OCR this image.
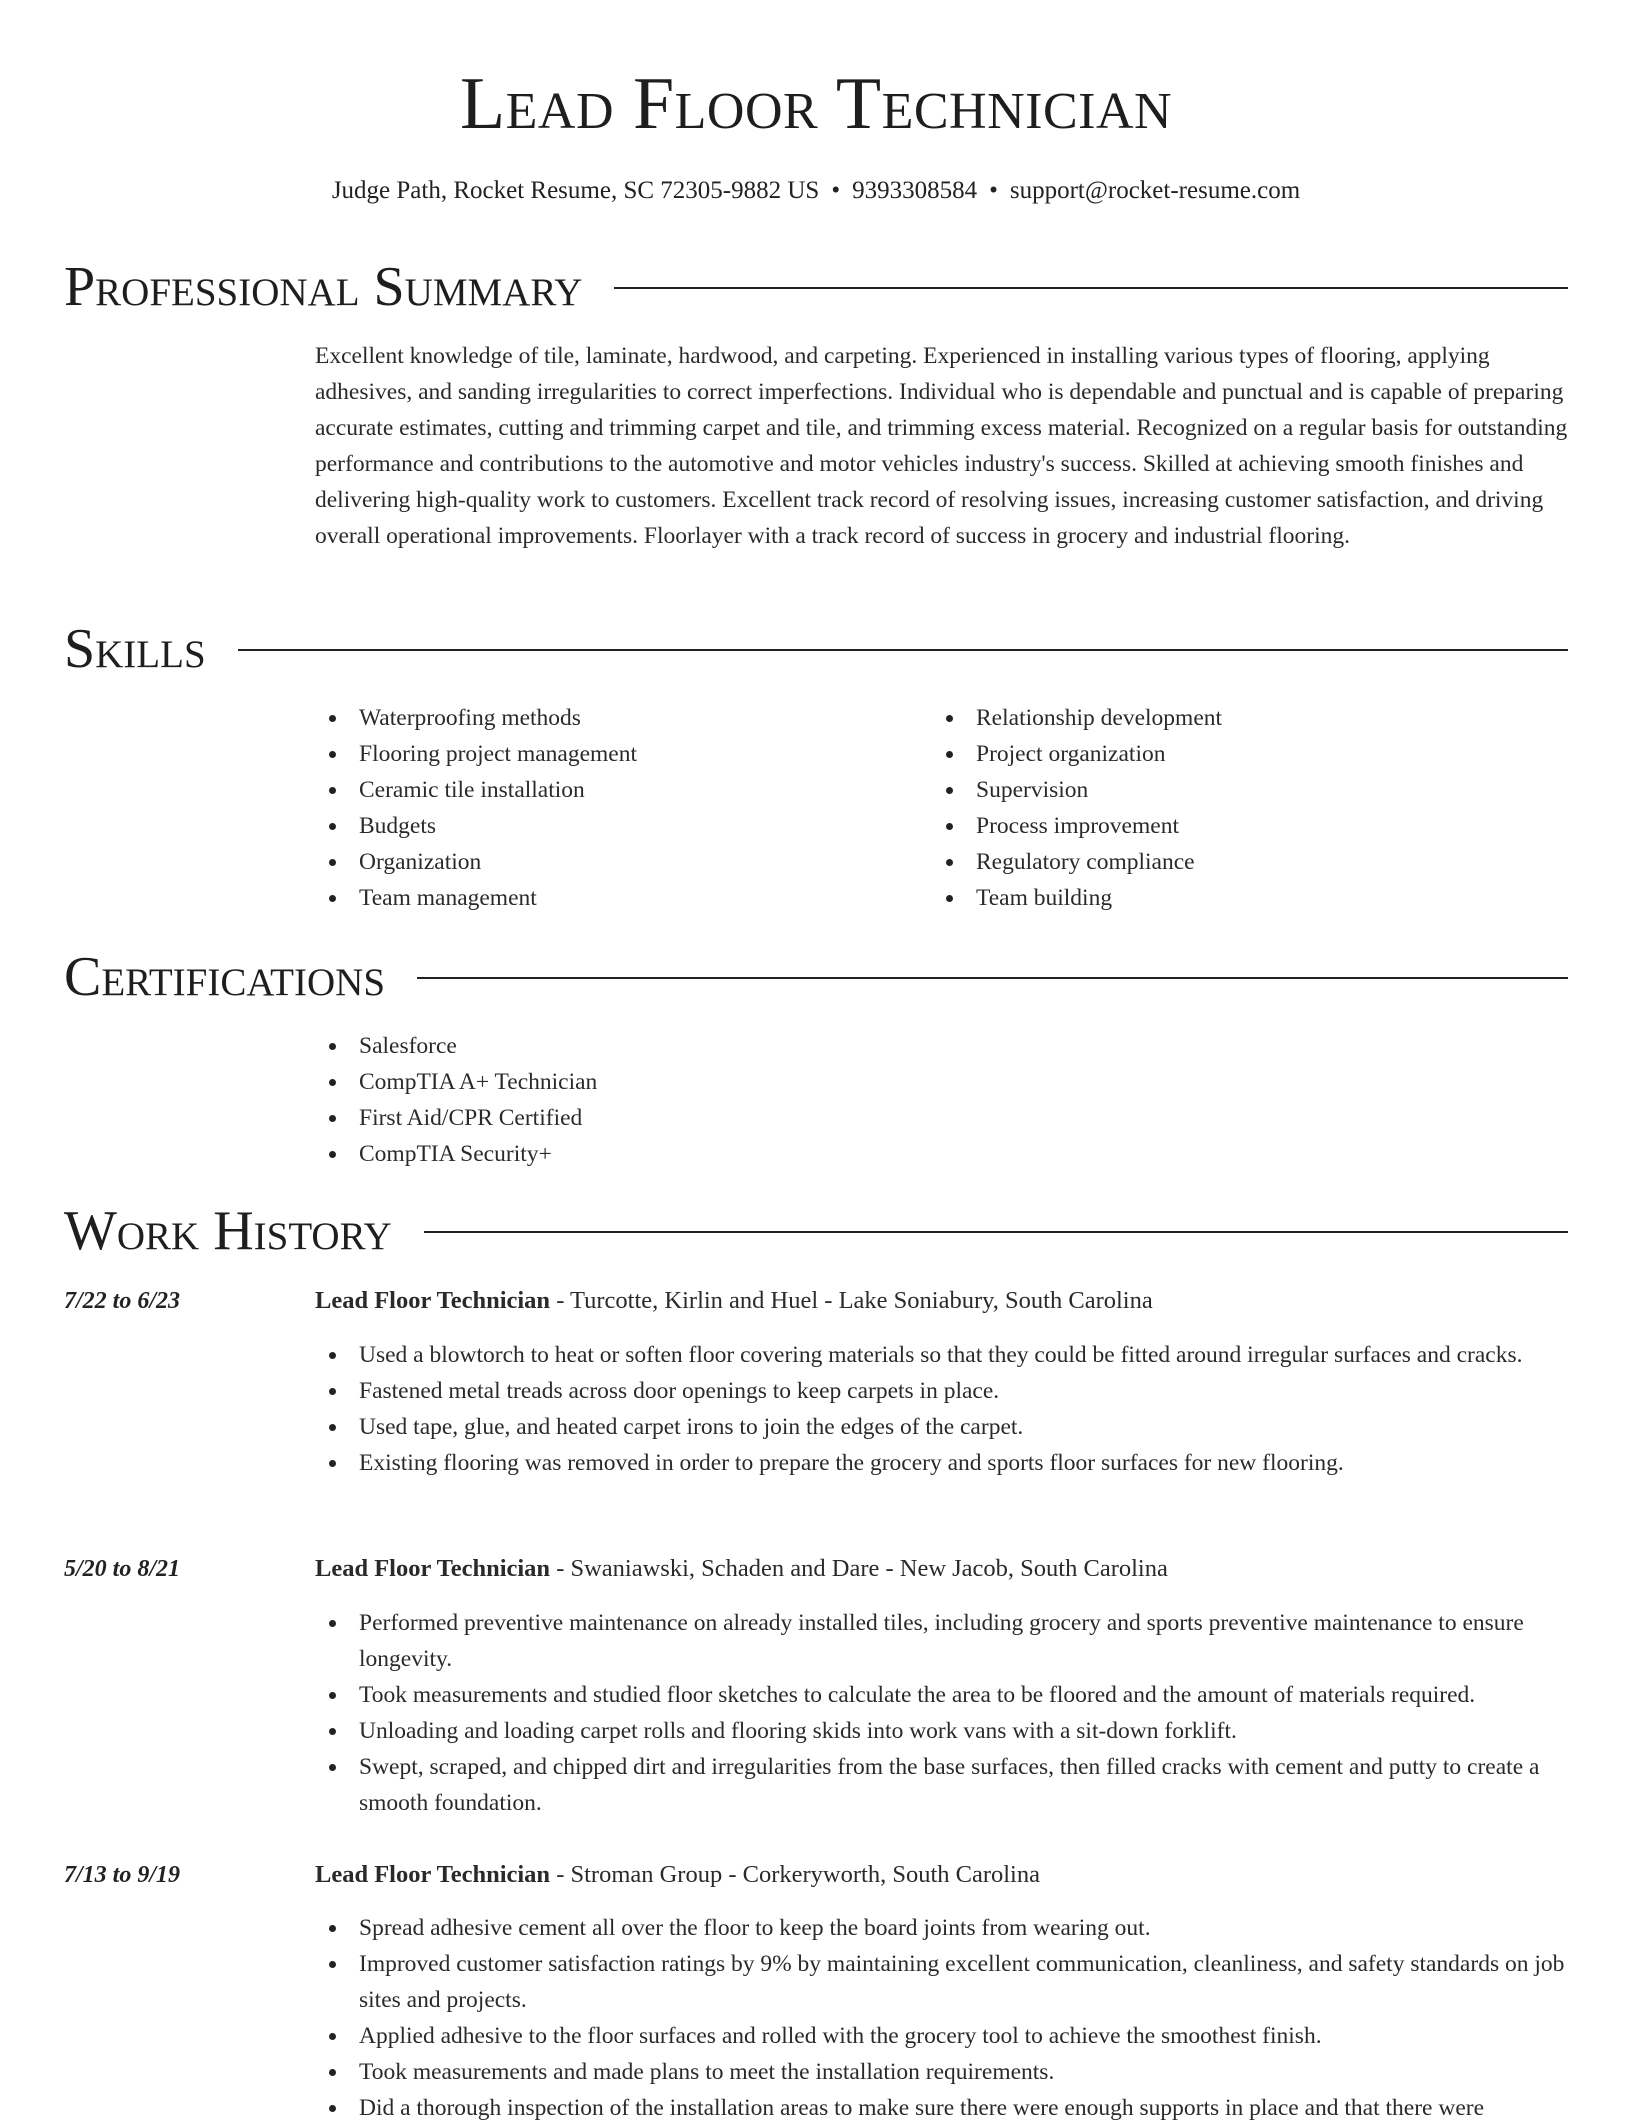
Lead Floor Technician
Judge Path, Rocket Resume, SC 72305-9882 US • 9393308584 • support@rocket-resume.com
Professional Summary
Excellent knowledge of tile, laminate, hardwood, and carpeting. Experienced in installing various types of flooring, applying adhesives, and sanding irregularities to correct imperfections. Individual who is dependable and punctual and is capable of preparing accurate estimates, cutting and trimming carpet and tile, and trimming excess material. Recognized on a regular basis for outstanding performance and contributions to the automotive and motor vehicles industry's success. Skilled at achieving smooth finishes and delivering high-quality work to customers. Excellent track record of resolving issues, increasing customer satisfaction, and driving overall operational improvements. Floorlayer with a track record of success in grocery and industrial flooring.
Skills
Waterproofing methods
Flooring project management
Ceramic tile installation
Budgets
Organization
Team management
Relationship development
Project organization
Supervision
Process improvement
Regulatory compliance
Team building
Certifications
Salesforce
CompTIA A+ Technician
First Aid/CPR Certified
CompTIA Security+
Work History
7/22 to 6/23	Lead Floor Technician - Turcotte, Kirlin and Huel - Lake Soniabury, South Carolina
Used a blowtorch to heat or soften floor covering materials so that they could be fitted around irregular surfaces and cracks.
Fastened metal treads across door openings to keep carpets in place.
Used tape, glue, and heated carpet irons to join the edges of the carpet.
Existing flooring was removed in order to prepare the grocery and sports floor surfaces for new flooring.
5/20 to 8/21	Lead Floor Technician - Swaniawski, Schaden and Dare - New Jacob, South Carolina
Performed preventive maintenance on already installed tiles, including grocery and sports preventive maintenance to ensure longevity.
Took measurements and studied floor sketches to calculate the area to be floored and the amount of materials required.
Unloading and loading carpet rolls and flooring skids into work vans with a sit-down forklift.
Swept, scraped, and chipped dirt and irregularities from the base surfaces, then filled cracks with cement and putty to create a smooth foundation.
7/13 to 9/19	Lead Floor Technician - Stroman Group - Corkeryworth, South Carolina
Spread adhesive cement all over the floor to keep the board joints from wearing out.
Improved customer satisfaction ratings by 9% by maintaining excellent communication, cleanliness, and safety standards on job sites and projects.
Applied adhesive to the floor surfaces and rolled with the grocery tool to achieve the smoothest finish.
Took measurements and made plans to meet the installation requirements.
Did a thorough inspection of the installation areas to make sure there were enough supports in place and that there were
